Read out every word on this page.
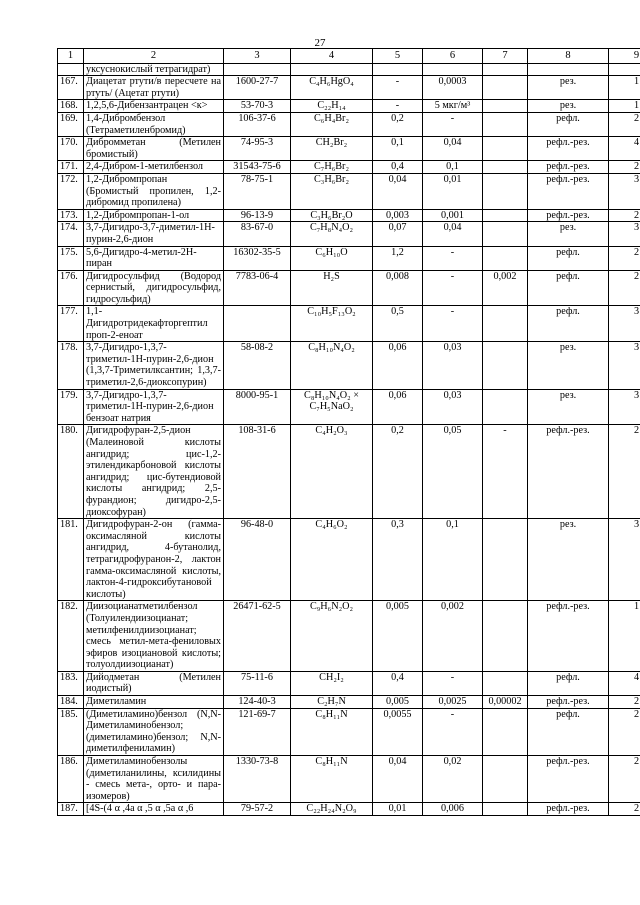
27
1	2	3	4	5	6	7	8	9
	уксуснокислый тетрагидрат)							
167.	Диацетат ртути/в пересчете на ртуть/ (Ацетат ртути)	1600-27-7	C₄H₆HgO₄	-	0,0003		рез.	1
168.	1,2,5,6-Дибензантрацен <к>	53-70-3	C₂₂H₁₄	-	5 мкг/м³		рез.	1
169.	1,4-Дибромбензол (Тетраметиленбромид)	106-37-6	C₆H₄Br₂	0,2	-		рефл.	2
170.	Дибромметан (Метилен бромистый)	74-95-3	CH₂Br₂	0,1	0,04		рефл.-рез.	4
171.	2,4-Дибром-1-метилбензол	31543-75-6	C₇H₆Br₂	0,4	0,1		рефл.-рез.	2
172.	1,2-Дибромпропан (Бромистый пропилен, 1,2-дибромид пропилена)	78-75-1	C₃H₆Br₂	0,04	0,01		рефл.-рез.	3
173.	1,2-Дибромпропан-1-ол	96-13-9	C₃H₆Br₂O	0,003	0,001		рефл.-рез.	2
174.	3,7-Дигидро-3,7-диметил-1Н-пурин-2,6-дион	83-67-0	C₇H₈N₄O₂	0,07	0,04		рез.	3
175.	5,6-Дигидро-4-метил-2Н-пиран	16302-35-5	C₆H₁₀O	1,2	-		рефл.	2
176.	Дигидросульфид (Водород сернистый, дигидросульфид, гидросульфид)	7783-06-4	H₂S	0,008	-	0,002	рефл.	2
177.	1,1-Дигидротридекафторгептил проп-2-еноат		C₁₀H₅F₁₃O₂	0,5	-		рефл.	3
178.	3,7-Дигидро-1,3,7-триметил-1Н-пурин-2,6-дион (1,3,7-Триметилксантин; 1,3,7-триметил-2,6-диоксопурин)	58-08-2	C₈H₁₀N₄O₂	0,06	0,03		рез.	3
179.	3,7-Дигидро-1,3,7-триметил-1Н-пурин-2,6-дион бензоат натрия	8000-95-1	C₈H₁₀N₄O₂ × C₇H₅NaO₂	0,06	0,03		рез.	3
180.	Дигидрофуран-2,5-дион (Малеиновой кислоты ангидрид; цис-1,2-этилендикарбоновой кислоты ангидрид; цис-бутендиовой кислоты ангидрид; 2,5-фурандион; дигидро-2,5-диоксофуран)	108-31-6	C₄H₂O₃	0,2	0,05	-	рефл.-рез.	2
181.	Дигидрофуран-2-он (гамма-оксимасляной кислоты ангидрид, 4-бутанолид, тетрагидрофуранон-2, лактон гамма-оксимасляной кислоты, лактон-4-гидроксибутановой кислоты)	96-48-0	C₄H₆O₂	0,3	0,1		рез.	3
182.	Диизоцианатметилбензол (Толуилендиизоцианат; метилфенилдиизоцианат; смесь метил-мета-фениловых эфиров изоциановой кислоты; толуолдиизоцианат)	26471-62-5	C₉H₆N₂O₂	0,005	0,002		рефл.-рез.	1
183.	Дийодметан (Метилен иодистый)	75-11-6	CH₂I₂	0,4	-		рефл.	4
184.	Диметиламин	124-40-3	C₂H₇N	0,005	0,0025	0,00002	рефл.-рез.	2
185.	(Диметиламино)бензол (N,N-Диметиламинобензол; (диметиламино)бензол; N,N-диметилфениламин)	121-69-7	C₈H₁₁N	0,0055	-		рефл.	2
186.	Диметиламинобензолы (диметиланилины, ксилидины - смесь мета-, орто- и пара-изомеров)	1330-73-8	C₈H₁₁N	0,04	0,02		рефл.-рез.	2
187.	[4S-(4 α ,4a α ,5 α ,5a α ,6	79-57-2	C₂₂H₂₄N₂O₉	0,01	0,006		рефл.-рез.	2
